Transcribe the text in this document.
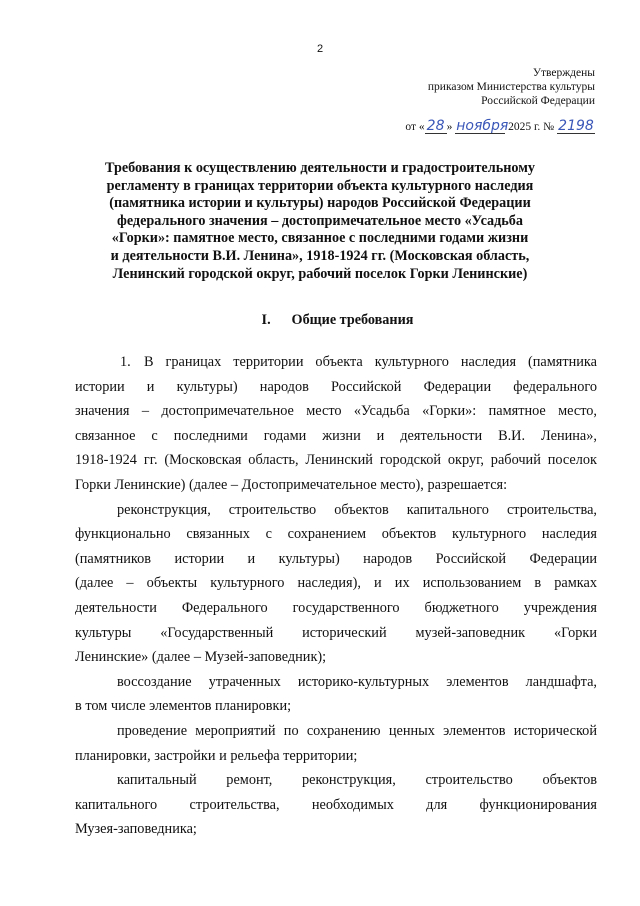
2
Утверждены
приказом Министерства культуры
Российской Федерации
от « 28 » ноября 2025 г. № 2198
Требования к осуществлению деятельности и градостроительному
регламенту в границах территории объекта культурного наследия
(памятника истории и культуры) народов Российской Федерации
федерального значения – достопримечательное место «Усадьба
«Горки»: памятное место, связанное с последними годами жизни
и деятельности В.И. Ленина», 1918-1924 гг. (Московская область,
Ленинский городской округ, рабочий поселок Горки Ленинские)
I. Общие требования
1. В границах территории объекта культурного наследия (памятника
истории и культуры) народов Российской Федерации федерального
значения – достопримечательное место «Усадьба «Горки»: памятное место,
связанное с последними годами жизни и деятельности В.И. Ленина»,
1918-1924 гг. (Московская область, Ленинский городской округ, рабочий поселок
Горки Ленинские) (далее – Достопримечательное место), разрешается:
реконструкция, строительство объектов капитального строительства,
функционально связанных с сохранением объектов культурного наследия
(памятников истории и культуры) народов Российской Федерации
(далее – объекты культурного наследия), и их использованием в рамках
деятельности Федерального государственного бюджетного учреждения
культуры «Государственный исторический музей-заповедник «Горки
Ленинские» (далее – Музей-заповедник);
воссоздание утраченных историко-культурных элементов ландшафта,
в том числе элементов планировки;
проведение мероприятий по сохранению ценных элементов исторической
планировки, застройки и рельефа территории;
капитальный ремонт, реконструкция, строительство объектов
капитального строительства, необходимых для функционирования
Музея-заповедника;
